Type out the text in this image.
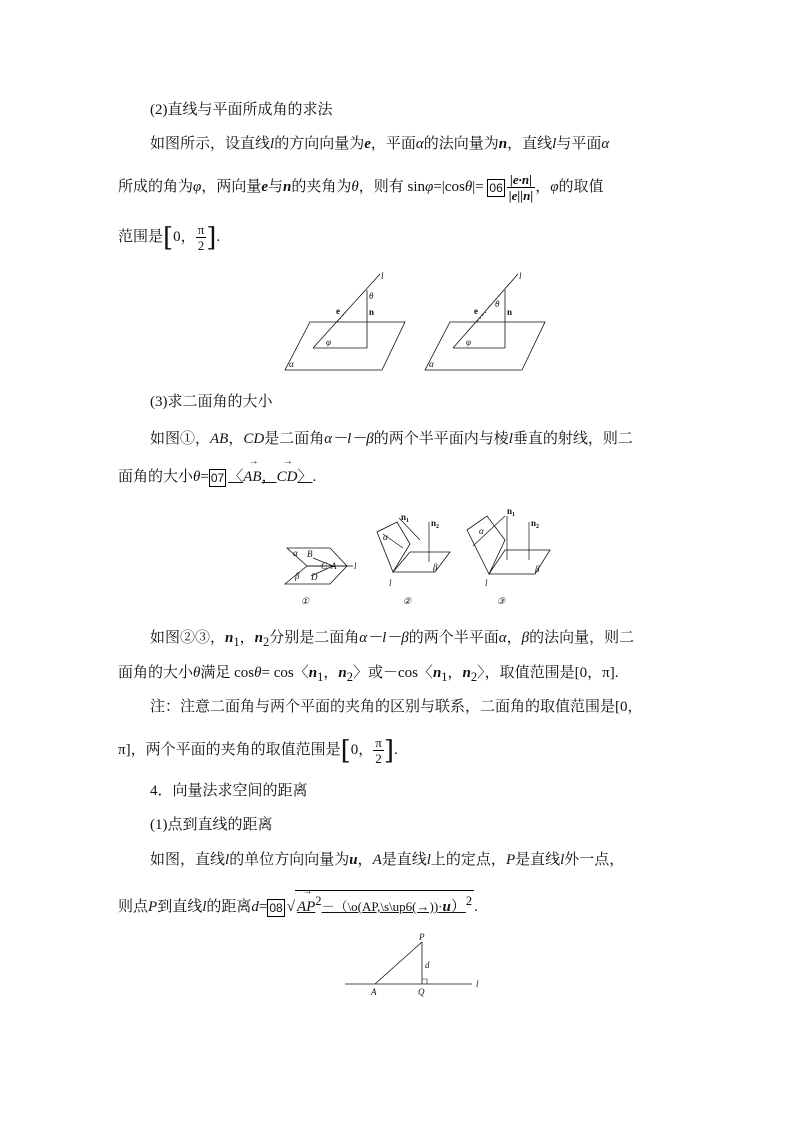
(2)直线与平面所成角的求法
如图所示，设直线l的方向向量为e，平面α的法向量为n，直线l与平面α
所成的角为φ，两向量e与n的夹角为θ，则有 $\sin\varphi=|\cos\theta|= 06 \frac{|e\cdot n|}{|e||n|}$ ，φ的取值
范围是[0， $\frac{\pi}{2}$ ].
l
θ
e	n
φ
α
l
θ
e	n
φ
α
(3)求二面角的大小
如图①，AB，CD是二面角α－l－β的两个半平面内与棱l垂直的射线，则二
面角的大小θ= 07 〈→ AB，→ CD〉.
α B
C A
D
β
l
①
$n_1$ $n_2$
α
β
l
②
$n_1$
$n_2$
α
β
l
③
如图②③，$n_1$，$n_2$分别是二面角α－l－β的两个半平面α，β的法向量，则二
面角的大小θ满足 cosθ= cos〈$n_1$，$n_2$〉或－cos〈$n_1$，$n_2$〉，取值范围是[0，π].
注：注意二面角与两个平面的夹角的区别与联系，二面角的取值范围是[0，
π]，两个平面的夹角的取值范围是[0， $\frac{\pi}{2}$ ].
4．向量法求空间的距离
(1)点到直线的距离
如图，直线l的单位方向向量为u，A是直线l上的定点，P是直线l外一点，
则点P到直线l的距离d= 08 √→ $AP^2-(\backslash o(AP,\backslash s\backslash up6(\to))\cdot u)^2$ .
P
d
A	Q
l
